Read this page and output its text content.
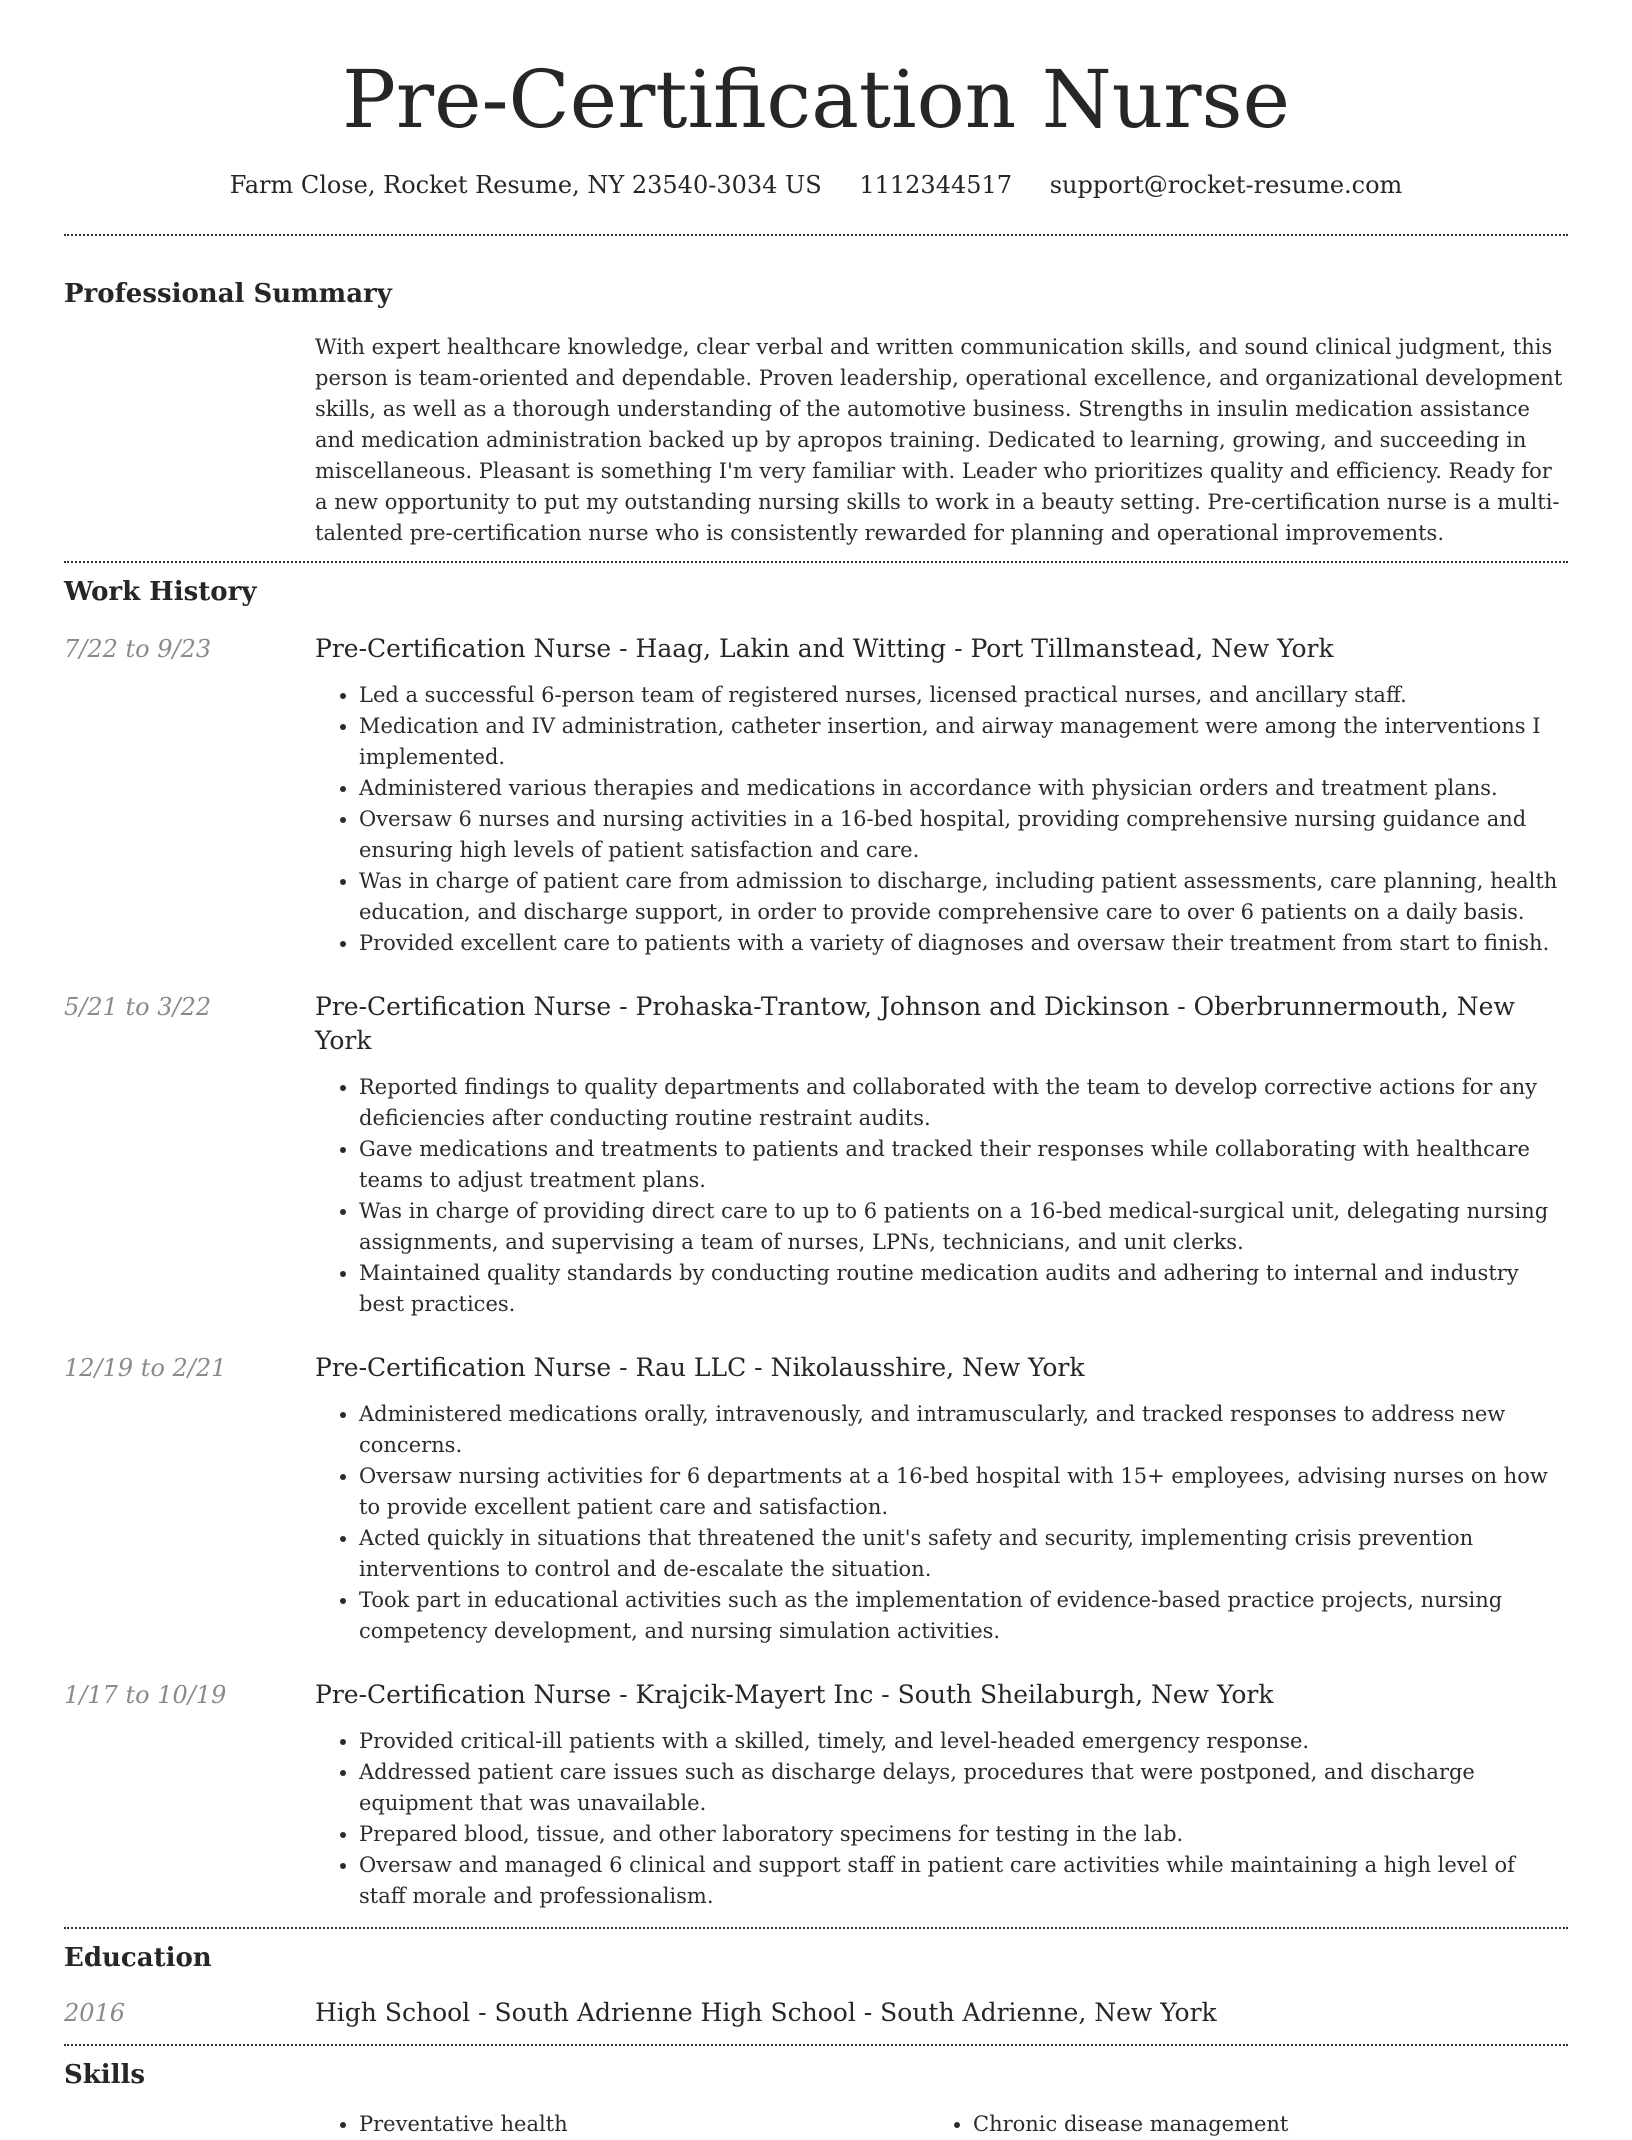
Pre-Certification Nurse
Farm Close, Rocket Resume, NY 23540-3034 US 1112344517 support@rocket-resume.com
Professional Summary

With expert healthcare knowledge, clear verbal and written communication skills, and sound clinical judgment, this person is team-oriented and dependable. Proven leadership, operational excellence, and organizational development skills, as well as a thorough understanding of the automotive business. Strengths in insulin medication assistance and medication administration backed up by apropos training. Dedicated to learning, growing, and succeeding in miscellaneous. Pleasant is something I'm very familiar with. Leader who prioritizes quality and efficiency. Ready for a new opportunity to put my outstanding nursing skills to work in a beauty setting. Pre-certification nurse is a multi-talented pre-certification nurse who is consistently rewarded for planning and operational improvements.

Work History
7/22 to 9/23	Pre-Certification Nurse - Haag, Lakin and Witting - Port Tillmanstead, New York
• Led a successful 6-person team of registered nurses, licensed practical nurses, and ancillary staff.
• Medication and IV administration, catheter insertion, and airway management were among the interventions I implemented.
• Administered various therapies and medications in accordance with physician orders and treatment plans.
• Oversaw 6 nurses and nursing activities in a 16-bed hospital, providing comprehensive nursing guidance and ensuring high levels of patient satisfaction and care.
• Was in charge of patient care from admission to discharge, including patient assessments, care planning, health education, and discharge support, in order to provide comprehensive care to over 6 patients on a daily basis.
• Provided excellent care to patients with a variety of diagnoses and oversaw their treatment from start to finish.
5/21 to 3/22	Pre-Certification Nurse - Prohaska-Trantow, Johnson and Dickinson - Oberbrunnermouth, New York
• Reported findings to quality departments and collaborated with the team to develop corrective actions for any deficiencies after conducting routine restraint audits.
• Gave medications and treatments to patients and tracked their responses while collaborating with healthcare teams to adjust treatment plans.
• Was in charge of providing direct care to up to 6 patients on a 16-bed medical-surgical unit, delegating nursing assignments, and supervising a team of nurses, LPNs, technicians, and unit clerks.
• Maintained quality standards by conducting routine medication audits and adhering to internal and industry best practices.
12/19 to 2/21	Pre-Certification Nurse - Rau LLC - Nikolausshire, New York
• Administered medications orally, intravenously, and intramuscularly, and tracked responses to address new concerns.
• Oversaw nursing activities for 6 departments at a 16-bed hospital with 15+ employees, advising nurses on how to provide excellent patient care and satisfaction.
• Acted quickly in situations that threatened the unit's safety and security, implementing crisis prevention interventions to control and de-escalate the situation.
• Took part in educational activities such as the implementation of evidence-based practice projects, nursing competency development, and nursing simulation activities.
1/17 to 10/19	Pre-Certification Nurse - Krajcik-Mayert Inc - South Sheilaburgh, New York
• Provided critical-ill patients with a skilled, timely, and level-headed emergency response.
• Addressed patient care issues such as discharge delays, procedures that were postponed, and discharge equipment that was unavailable.
• Prepared blood, tissue, and other laboratory specimens for testing in the lab.
• Oversaw and managed 6 clinical and support staff in patient care activities while maintaining a high level of staff morale and professionalism.
Education
2016	High School - South Adrienne High School - South Adrienne, New York
Skills
• Preventative health
•	Chronic disease management
